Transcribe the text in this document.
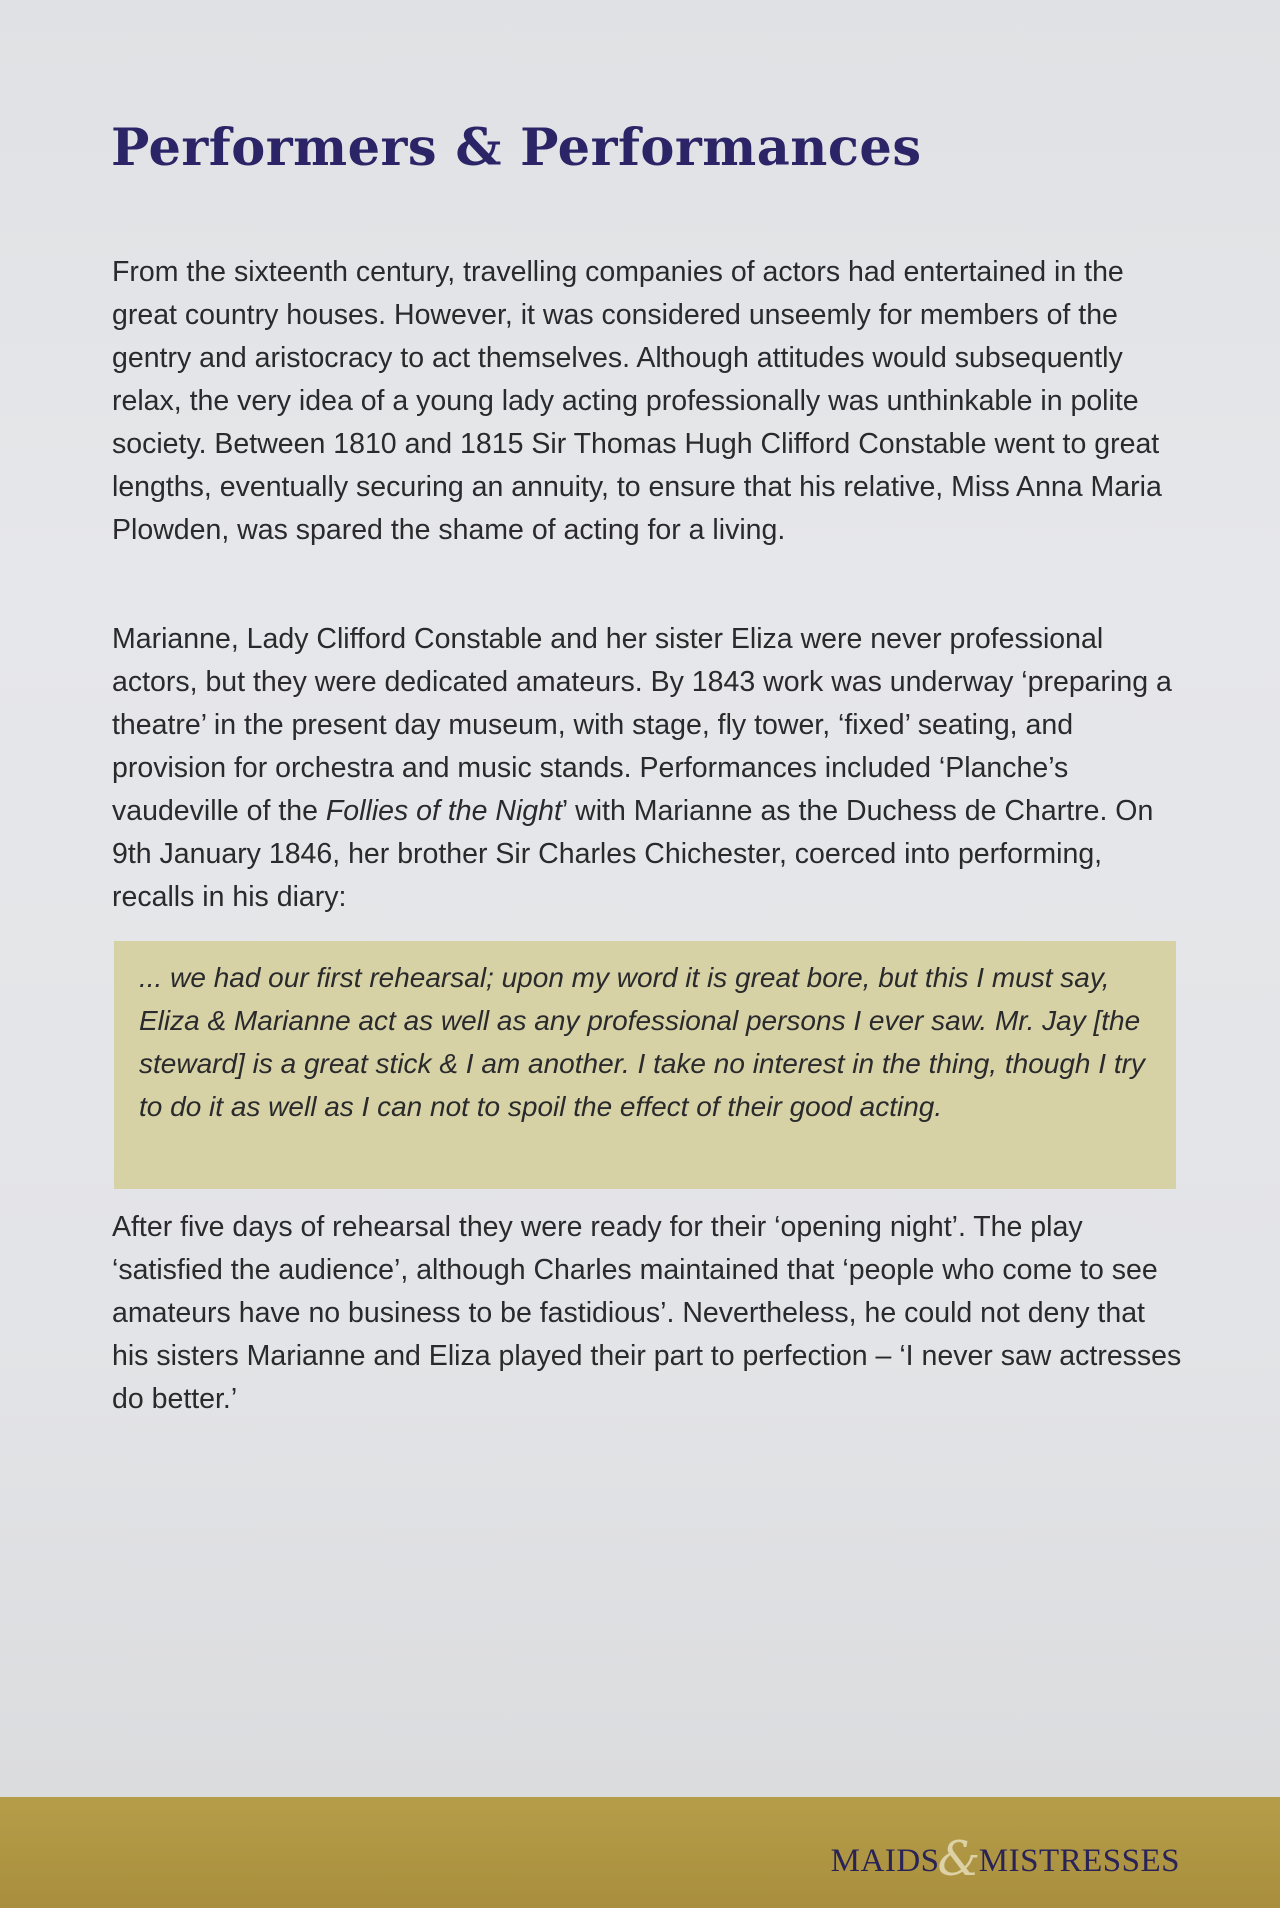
Performers & Performances

From the sixteenth century, travelling companies of actors had entertained in the great country houses. However, it was considered unseemly for members of the gentry and aristocracy to act themselves. Although attitudes would subsequently relax, the very idea of a young lady acting professionally was unthinkable in polite society. Between 1810 and 1815 Sir Thomas Hugh Clifford Constable went to great lengths, eventually securing an annuity, to ensure that his relative, Miss Anna Maria Plowden, was spared the shame of acting for a living.

Marianne, Lady Clifford Constable and her sister Eliza were never professional actors, but they were dedicated amateurs. By 1843 work was underway ‘preparing a theatre’ in the present day museum, with stage, fly tower, ‘fixed’ seating, and provision for orchestra and music stands. Performances included ‘Planche’s vaudeville of the Follies of the Night’ with Marianne as the Duchess de Chartre. On 9th January 1846, her brother Sir Charles Chichester, coerced into performing, recalls in his diary:

... we had our first rehearsal; upon my word it is great bore, but this I must say, Eliza & Marianne act as well as any professional persons I ever saw. Mr. Jay [the steward] is a great stick & I am another. I take no interest in the thing, though I try to do it as well as I can not to spoil the effect of their good acting.

After five days of rehearsal they were ready for their ‘opening night’. The play ‘satisfied the audience’, although Charles maintained that ‘people who come to see amateurs have no business to be fastidious’. Nevertheless, he could not deny that his sisters Marianne and Eliza played their part to perfection – ‘I never saw actresses do better.’

MAIDS&MISTRESSES
